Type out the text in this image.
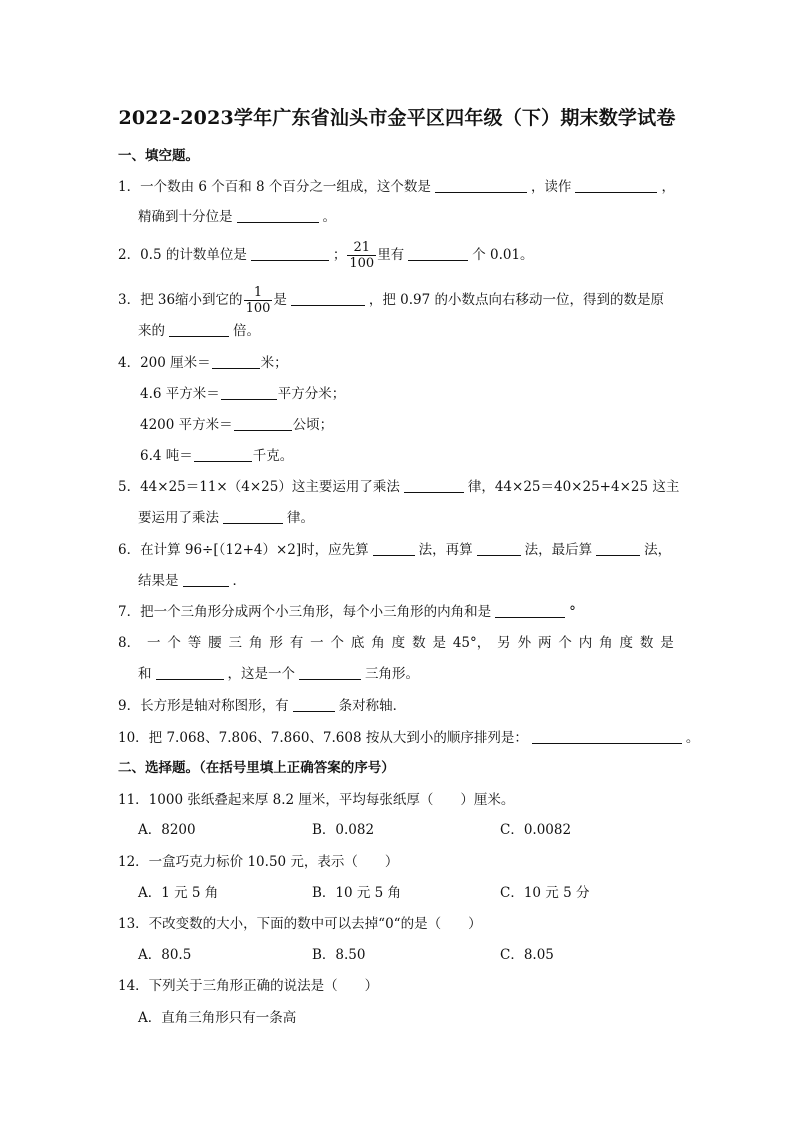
2022-2023学年广东省汕头市金平区四年级（下）期末数学试卷
一、填空题。
1．一个数由 6 个百和 8 个百分之一组成，这个数是	，读作	，
精确到十分位是	。
2．0.5 的计数单位是	； $\frac{21}{100}$ 里有	个 0.01。
3．把 36缩小到它的 $\frac{1}{100}$ 是	，把 0.97 的小数点向右移动一位，得到的数是原
来的	倍。
4．200 厘米＝	米；
4.6 平方米＝	平方分米；
4200 平方米＝	公顷；
6.4 吨＝	千克。
5．44×25＝11×（4×25）这主要运用了乘法	律，44×25＝40×25+4×25 这主
要运用了乘法	律。
6．在计算 96÷[（12+4）×2]时，应先算	法，再算	法，最后算	法，
结果是	．
7．把一个三角形分成两个小三角形，每个小三角形的内角和是	°
8． 一 个 等 腰 三 角 形 有 一 个 底 角 度 数 是 45°， 另 外 两 个 内 角 度 数 是
和	，这是一个	三角形。
9．长方形是轴对称图形，有	条对称轴．
10．把 7.068、7.806、7.860、7.608 按从大到小的顺序排列是：	。
二、选择题。（在括号里填上正确答案的序号）
11．1000 张纸叠起来厚 8.2 厘米，平均每张纸厚（　　）厘米。
A．8200	B．0.082	C．0.0082
12．一盒巧克力标价 10.50 元，表示（　　）
A．1 元 5 角	B．10 元 5 角	C．10 元 5 分
13．不改变数的大小，下面的数中可以去掉“0“的是（　　）
A．80.5	B．8.50	C．8.05
14．下列关于三角形正确的说法是（　　）
A．直角三角形只有一条高
